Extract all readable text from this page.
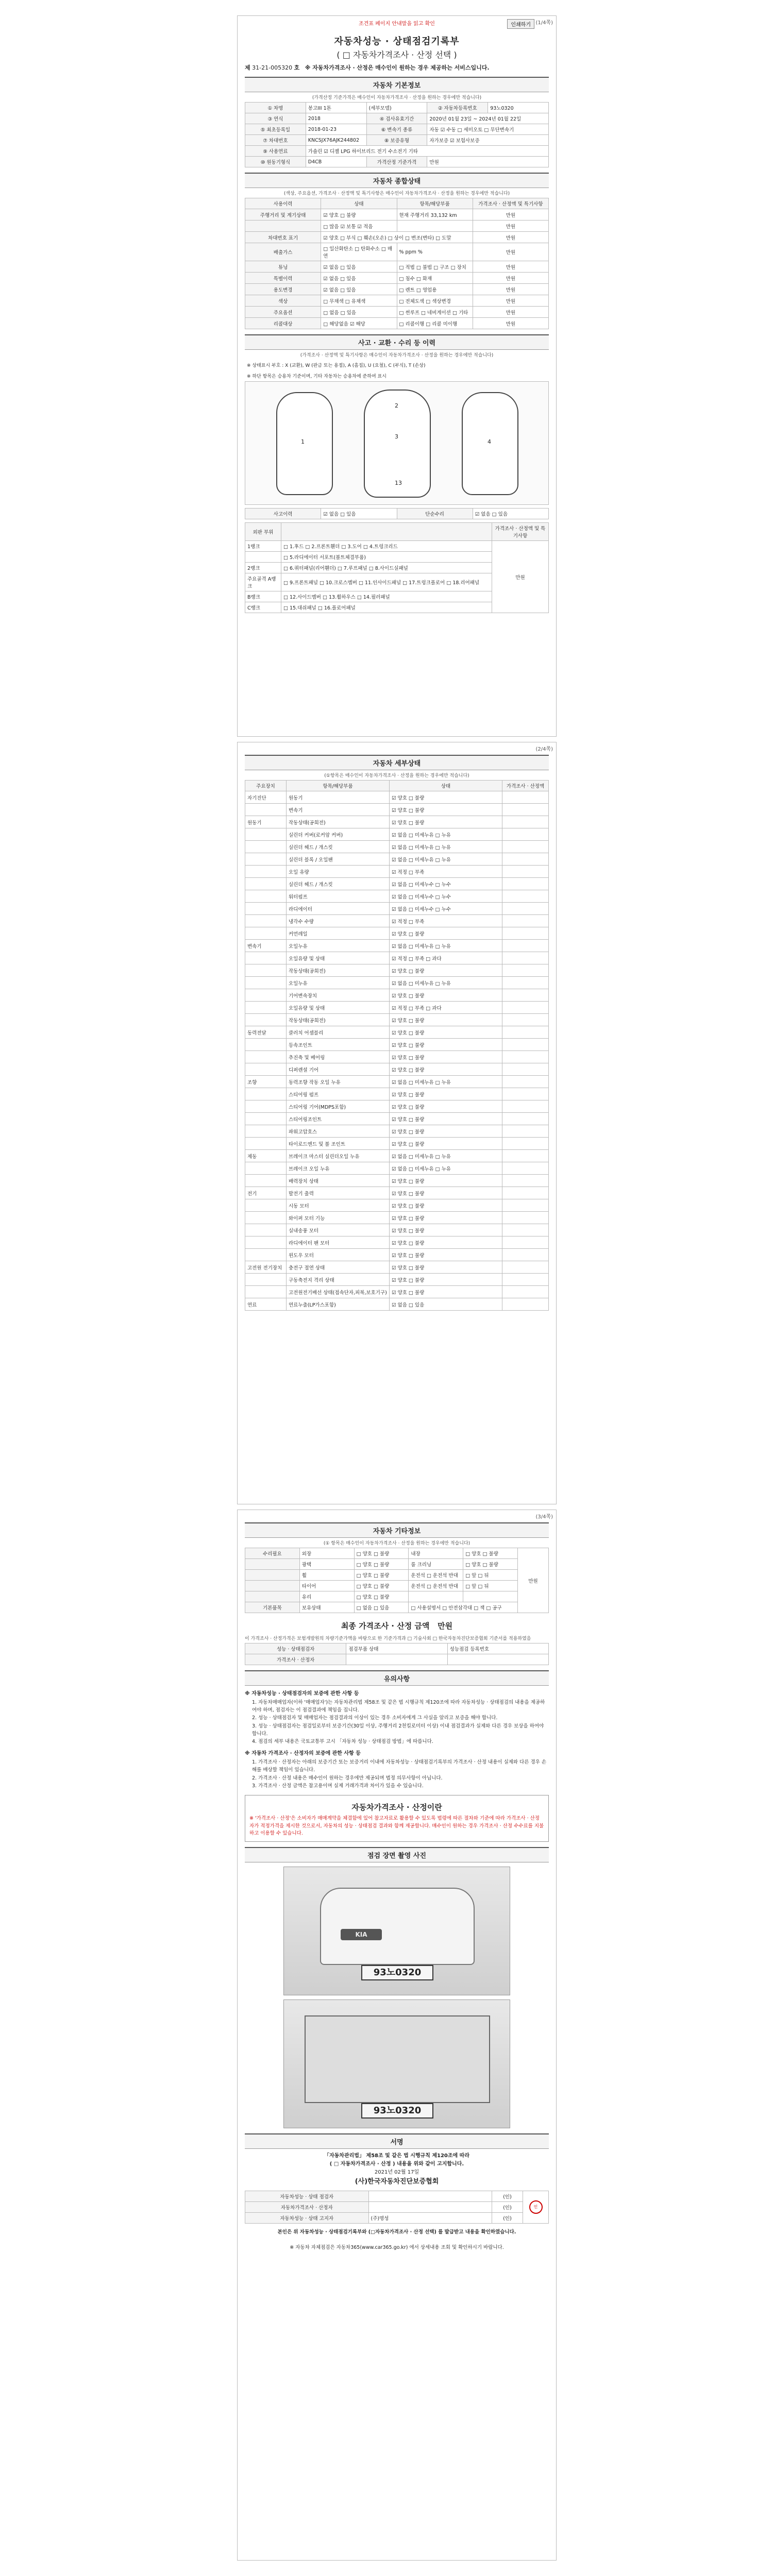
조견표 페이지 안내말을 읽고 확인	인쇄하기 (1/4쪽)
자동차성능 · 상태점검기록부
( □ 자동차가격조사 · 산정 선택 )
제 31-21-005320 호 ※ 자동차가격조사 · 산정은 매수인이 원하는 경우 제공하는 서비스입니다.
자동차 기본정보
(가격산정 기준가격은 매수인이 자동차가격조사 · 산정을 원하는 경우에만 적습니다)
① 차명	봉고III 1톤	(세부모델)	② 자동차등록번호	93노0320
③ 연식	2018	④ 검사유효기간	2020년 01월 23일 ~ 2024년 01월 22일	
⑤ 최초등록일	2018-01-23	⑥ 변속기 종류	자동 ☑ 수동 □ 세미오토 □ 무단변속기	
⑦ 차대번호	KNCSJX76AJK244802	⑧ 보증유형	자가보증 ☑ 보험사보증	
⑨ 사용연료	가솔린 ☑ 디젤 LPG 하이브리드 전기 수소전기 기타			
⑩ 원동기형식	D4CB	가격산정 기준가격	만원	
자동차 종합상태
(색상, 주요옵션, 가격조사 · 산정액 및 특기사항은 매수인이 자동차가격조사 · 산정을 원하는 경우에만 적습니다)
사용이력	상태	항목/해당부품	가격조사 · 산정액 및 특기사항
주행거리 및 계기상태	☑ 양호 □ 불량	현재 주행거리 33,132 km	만원
	□ 많음 ☑ 보통 ☑ 적음		만원
차대번호 표기	☑ 양호 □ 부식 □ 훼손(오손) □ 상이 □ 변조(변타) □ 도말		만원
배출가스	□ 일산화탄소 □ 탄화수소 □ 매연	% ppm %	만원
튜닝	☑ 없음 □ 있음	□ 적법 □ 불법 □ 구조 □ 장치	만원
특별이력	☑ 없음 □ 있음	□ 침수 □ 화재	만원
용도변경	☑ 없음 □ 있음	□ 렌트 □ 영업용	만원
색상	□ 무채색 □ 유채색	□ 전체도색 □ 색상변경	만원
주요옵션	□ 없음 □ 있음	□ 썬루프 □ 네비게이션 □ 기타	만원
리콜대상	□ 해당없음 ☑ 해당	□ 리콜이행 □ 리콜 미이행	만원
사고 · 교환 · 수리 등 이력
(가격조사 · 산정액 및 특기사항은 매수인이 자동차가격조사 · 산정을 원하는 경우에만 적습니다)
※ 상태표시 부호 : X (교환), W (판금 또는 용접), A (흠집), U (요철), C (부식), T (손상)
※ 하단 항목은 승용차 기준이며, 기타 자동차는 승용차에 준하여 표시
1
2
3
4
13
사고이력	☑ 없음 □ 있음	단순수리	☑ 없음 □ 있음
외판 부위		가격조사 · 산정액 및 특기사항
1랭크	□ 1.후드 □ 2.프론트휀더 □ 3.도어 □ 4.트렁크리드	만원
	□ 5.라디에이터 서포트(볼트체결부품)	
2랭크	□ 6.쿼터패널(리어휀더) □ 7.루프패널 □ 8.사이드실패널	
주요골격 A랭크	□ 9.프론트패널 □ 10.크로스멤버 □ 11.인사이드패널 □ 17.트렁크플로어 □ 18.리어패널	
B랭크	□ 12.사이드멤버 □ 13.휠하우스 □ 14.필러패널	
C랭크	□ 15.대쉬패널 □ 16.플로어패널	
(2/4쪽)
자동차 세부상태
(①항목은 매수인이 자동차가격조사 · 산정을 원하는 경우에만 적습니다)
주요장치	항목/해당부품	상태	가격조사 · 산정액
자기진단	원동기	☑ 양호 □ 불량	
	변속기	☑ 양호 □ 불량	
원동기	작동상태(공회전)	☑ 양호 □ 불량	
	실린더 커버(로커암 커버)	☑ 없음 □ 미세누유 □ 누유	
	실린더 헤드 / 개스킷	☑ 없음 □ 미세누유 □ 누유	
	실린더 블록 / 오일팬	☑ 없음 □ 미세누유 □ 누유	
	오일 유량	☑ 적정 □ 부족	
	실린더 헤드 / 개스킷	☑ 없음 □ 미세누수 □ 누수	
	워터펌프	☑ 없음 □ 미세누수 □ 누수	
	라디에이터	☑ 없음 □ 미세누수 □ 누수	
	냉각수 수량	☑ 적정 □ 부족	
	커먼레일	☑ 양호 □ 불량	
변속기	오일누유	☑ 없음 □ 미세누유 □ 누유	
	오일유량 및 상태	☑ 적정 □ 부족 □ 과다	
	작동상태(공회전)	☑ 양호 □ 불량	
	오일누유	☑ 없음 □ 미세누유 □ 누유	
	기어변속장치	☑ 양호 □ 불량	
	오일유량 및 상태	☑ 적정 □ 부족 □ 과다	
	작동상태(공회전)	☑ 양호 □ 불량	
동력전달	클러치 어셈블리	☑ 양호 □ 불량	
	등속조인트	☑ 양호 □ 불량	
	추진축 및 베어링	☑ 양호 □ 불량	
	디퍼렌셜 기어	☑ 양호 □ 불량	
조향	동력조향 작동 오일 누유	☑ 없음 □ 미세누유 □ 누유	
	스티어링 펌프	☑ 양호 □ 불량	
	스티어링 기어(MDPS포함)	☑ 양호 □ 불량	
	스티어링조인트	☑ 양호 □ 불량	
	파워고압호스	☑ 양호 □ 불량	
	타이로드엔드 및 볼 조인트	☑ 양호 □ 불량	
제동	브레이크 마스터 실린더오일 누유	☑ 없음 □ 미세누유 □ 누유	
	브레이크 오일 누유	☑ 없음 □ 미세누유 □ 누유	
	배력장치 상태	☑ 양호 □ 불량	
전기	발전기 출력	☑ 양호 □ 불량	
	시동 모터	☑ 양호 □ 불량	
	와이퍼 모터 기능	☑ 양호 □ 불량	
	실내송풍 모터	☑ 양호 □ 불량	
	라디에이터 팬 모터	☑ 양호 □ 불량	
	윈도우 모터	☑ 양호 □ 불량	
고전원 전기장치	충전구 절연 상태	☑ 양호 □ 불량	
	구동축전지 격리 상태	☑ 양호 □ 불량	
	고전원전기배선 상태(접속단자,피복,보호기구)	☑ 양호 □ 불량	
연료	연료누출(LP가스포함)	☑ 없음 □ 있음	
(3/4쪽)
자동차 기타정보
(① 항목은 매수인이 자동차가격조사 · 산정을 원하는 경우에만 적습니다)
수리필요	외장	□ 양호 □ 불량	내장	□ 양호 □ 불량	만원
	광택	□ 양호 □ 불량	룸 크리닝	□ 양호 □ 불량	
	휠	□ 양호 □ 불량	운전석 □ 운전석 반대	□ 앞 □ 뒤	
	타이어	□ 양호 □ 불량	운전석 □ 운전석 반대	□ 앞 □ 뒤	
	유리	□ 양호 □ 불량			
기본품목	보유상태	□ 없음 □ 있음	□ 사용설명서 □ 안전삼각대 □ 잭 □ 공구		
최종 가격조사 · 산정 금액 만원
이 가격조사 · 산정가격은 보험개발원의 차량기준가액을 바탕으로 한 기준가격과 □ 기술사회 □ 한국자동차진단보증협회 기준서를 적용하였음
성능 · 상태점검자	점검부품 상태	성능점검 등록번호
가격조사 · 산정자		
유의사항
※ 자동차성능 · 상태점검자의 보증에 관한 사항 등
1. 자동차매매업자(이하 '매매업자')는 자동차관리법 제58조 및 같은 법 시행규칙 제120조에 따라 자동차성능 · 상태점검의 내용을 제공하여야 하며, 점검자는 이 점검결과에 책임을 집니다.
2. 성능 · 상태점검자 및 매매업자는 점검결과의 이상이 있는 경우 소비자에게 그 사실을 알리고 보증을 해야 합니다.
3. 성능 · 상태점검자는 점검일로부터 보증기간(30일 이상, 주행거리 2천킬로미터 이상) 이내 점검결과가 실제와 다른 경우 보상을 하여야 합니다.
4. 점검의 세부 내용은 국토교통부 고시 「자동차 성능 · 상태점검 방법」에 따릅니다.
※ 자동차 가격조사 · 산정자의 보증에 관한 사항 등
1. 가격조사 · 산정자는 아래의 보증기간 또는 보증거리 이내에 자동차성능 · 상태점검기록부의 가격조사 · 산정 내용이 실제와 다른 경우 손해를 배상할 책임이 있습니다.
2. 가격조사 · 산정 내용은 매수인이 원하는 경우에만 제공되며 법정 의무사항이 아닙니다.
3. 가격조사 · 산정 금액은 참고용이며 실제 거래가격과 차이가 있을 수 있습니다.
자동차가격조사 · 산정이란
※ '가격조사 · 산정'은 소비자가 매매계약을 체결함에 있어 참고자료로 활용할 수 있도록 법령에 따른 절차와 기준에 따라 가격조사 · 산정자가 적정가격을 제시한 것으로서, 자동차의 성능 · 상태점검 결과와 함께 제공합니다. 매수인이 원하는 경우 가격조사 · 산정 수수료를 지불하고 이용할 수 있습니다.
점검 장면 촬영 사진
KIA
93노0320
93노0320
서명
「자동차관리법」 제58조 및 같은 법 시행규칙 제120조에 따라
( □ 자동차가격조사 · 산정 ) 내용을 위와 같이 고지합니다.
2021년 02월 17일
(사)한국자동차진단보증협회
자동차성능 · 상태 점검자		(인)	인
자동차가격조사 · 산정자		(인)	
자동차성능 · 상태 고지자	(주)명성	(인)	
본인은 위 자동차성능 · 상태점검기록부와 (□자동차가격조사 · 산정 선택) 를 발급받고 내용을 확인하였습니다.
※ 자동차 자체점검은 자동차365(www.car365.go.kr) 에서 상세내용 조회 및 확인하시기 바랍니다.
